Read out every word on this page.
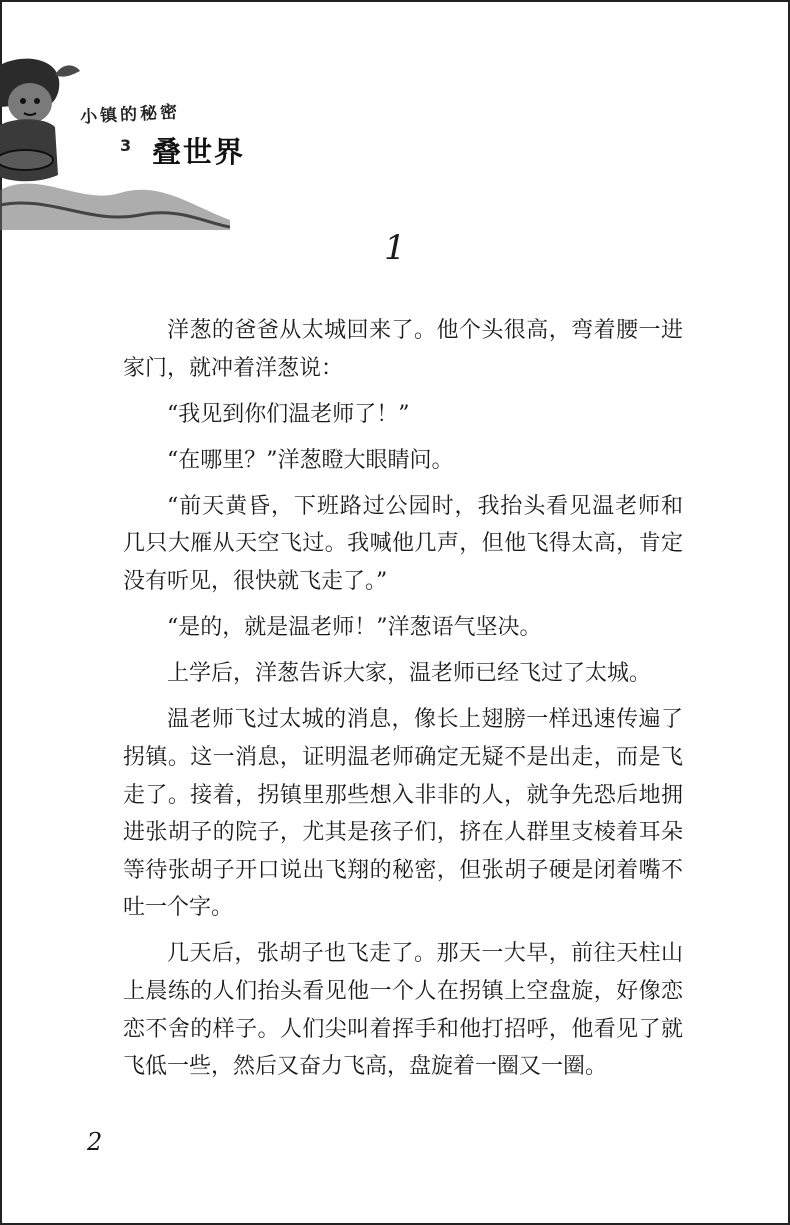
小镇的秘密
3 叠世界
1

洋葱的爸爸从太城回来了。他个头很高，弯着腰一进家门，就冲着洋葱说：

“我见到你们温老师了！”

“在哪里？”洋葱瞪大眼睛问。

“前天黄昏，下班路过公园时，我抬头看见温老师和几只大雁从天空飞过。我喊他几声，但他飞得太高，肯定没有听见，很快就飞走了。”

“是的，就是温老师！”洋葱语气坚决。

上学后，洋葱告诉大家，温老师已经飞过了太城。

温老师飞过太城的消息，像长上翅膀一样迅速传遍了拐镇。这一消息，证明温老师确定无疑不是出走，而是飞走了。接着，拐镇里那些想入非非的人，就争先恐后地拥进张胡子的院子，尤其是孩子们，挤在人群里支棱着耳朵等待张胡子开口说出飞翔的秘密，但张胡子硬是闭着嘴不吐一个字。

几天后，张胡子也飞走了。那天一大早，前往天柱山上晨练的人们抬头看见他一个人在拐镇上空盘旋，好像恋恋不舍的样子。人们尖叫着挥手和他打招呼，他看见了就飞低一些，然后又奋力飞高，盘旋着一圈又一圈。

2
